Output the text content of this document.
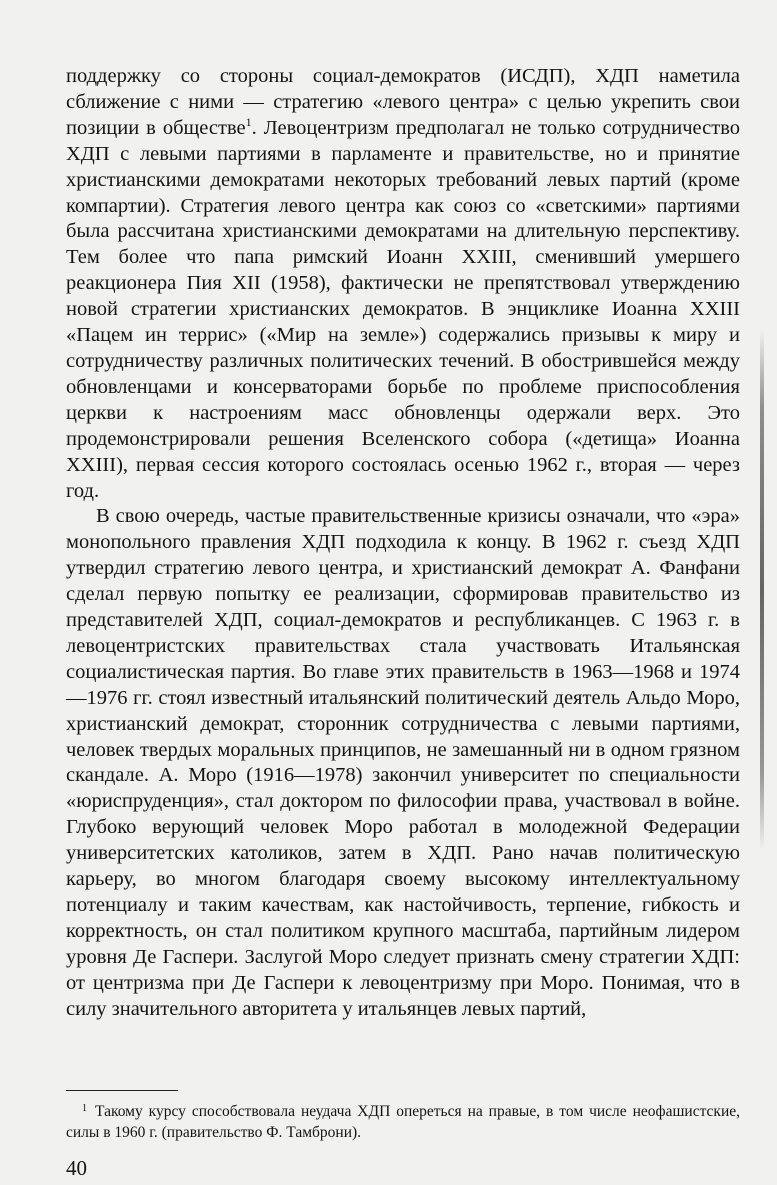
поддержку со стороны социал-демократов (ИСДП), ХДП наметила сближение с ними — стратегию «левого центра» с целью укрепить свои позиции в обществе$^1$. Левоцентризм предполагал не только сотрудничество ХДП с левыми партиями в парламенте и правительстве, но и принятие христианскими демократами некоторых требований левых партий (кроме компартии). Стратегия левого центра как союз со «светскими» партиями была рассчитана христианскими демократами на длительную перспективу. Тем более что папа римский Иоанн XXIII, сменивший умершего реакционера Пия XII (1958), фактически не препятствовал утверждению новой стратегии христианских демократов. В энциклике Иоанна XXIII «Пацем ин террис» («Мир на земле») содержались призывы к миру и сотрудничеству различных политических течений. В обострившейся между обновленцами и консерваторами борьбе по проблеме приспособления церкви к настроениям масс обновленцы одержали верх. Это продемонстрировали решения Вселенского собора («детища» Иоанна XXIII), первая сессия которого состоялась осенью 1962 г., вторая — через год.

В свою очередь, частые правительственные кризисы означали, что «эра» монопольного правления ХДП подходила к концу. В 1962 г. съезд ХДП утвердил стратегию левого центра, и христианский демократ А. Фанфани сделал первую попытку ее реализации, сформировав правительство из представителей ХДП, социал-демократов и республиканцев. С 1963 г. в левоцентристских правительствах стала участвовать Итальянская социалистическая партия. Во главе этих правительств в 1963—1968 и 1974—1976 гг. стоял известный итальянский политический деятель Альдо Моро, христианский демократ, сторонник сотрудничества с левыми партиями, человек твердых моральных принципов, не замешанный ни в одном грязном скандале. А. Моро (1916—1978) закончил университет по специальности «юриспруденция», стал доктором по философии права, участвовал в войне. Глубоко верующий человек Моро работал в молодежной Федерации университетских католиков, затем в ХДП. Рано начав политическую карьеру, во многом благодаря своему высокому интеллектуальному потенциалу и таким качествам, как настойчивость, терпение, гибкость и корректность, он стал политиком крупного масштаба, партийным лидером уровня Де Гаспери. Заслугой Моро следует признать смену стратегии ХДП: от центризма при Де Гаспери к левоцентризму при Моро. Понимая, что в силу значительного авторитета у итальянцев левых партий,

$^1$ Такому курсу способствовала неудача ХДП опереться на правые, в том числе неофашистские, силы в 1960 г. (правительство Ф. Тамброни).
40
